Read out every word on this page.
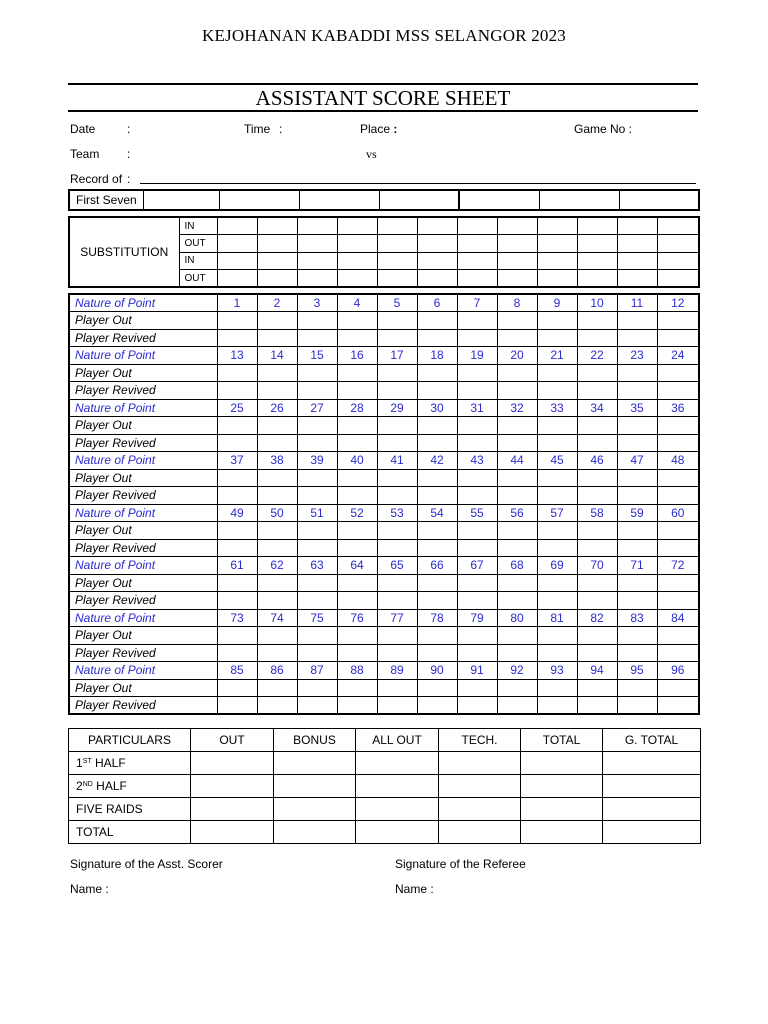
KEJOHANAN KABADDI MSS SELANGOR 2023
ASSISTANT SCORE SHEET
Date	:	Time :	Place :	Game No :
Team :	vs
Record of :
First Seven							
SUBSTITUTION	IN												
	OUT												
	IN												
	OUT												
Nature of Point	1	2	3	4	5	6	7	8	9	10	11	12
Player Out												
Player Revived												
Nature of Point	13	14	15	16	17	18	19	20	21	22	23	24
Player Out												
Player Revived												
Nature of Point	25	26	27	28	29	30	31	32	33	34	35	36
Player Out												
Player Revived												
Nature of Point	37	38	39	40	41	42	43	44	45	46	47	48
Player Out												
Player Revived												
Nature of Point	49	50	51	52	53	54	55	56	57	58	59	60
Player Out												
Player Revived												
Nature of Point	61	62	63	64	65	66	67	68	69	70	71	72
Player Out												
Player Revived												
Nature of Point	73	74	75	76	77	78	79	80	81	82	83	84
Player Out												
Player Revived												
Nature of Point	85	86	87	88	89	90	91	92	93	94	95	96
Player Out												
Player Revived												
PARTICULARS	OUT	BONUS	ALL OUT	TECH.	TOTAL	G. TOTAL
1ST HALF						
2ND HALF						
FIVE RAIDS						
TOTAL						
Signature of the Asst. Scorer	Signature of the Referee
Name :	Name :
